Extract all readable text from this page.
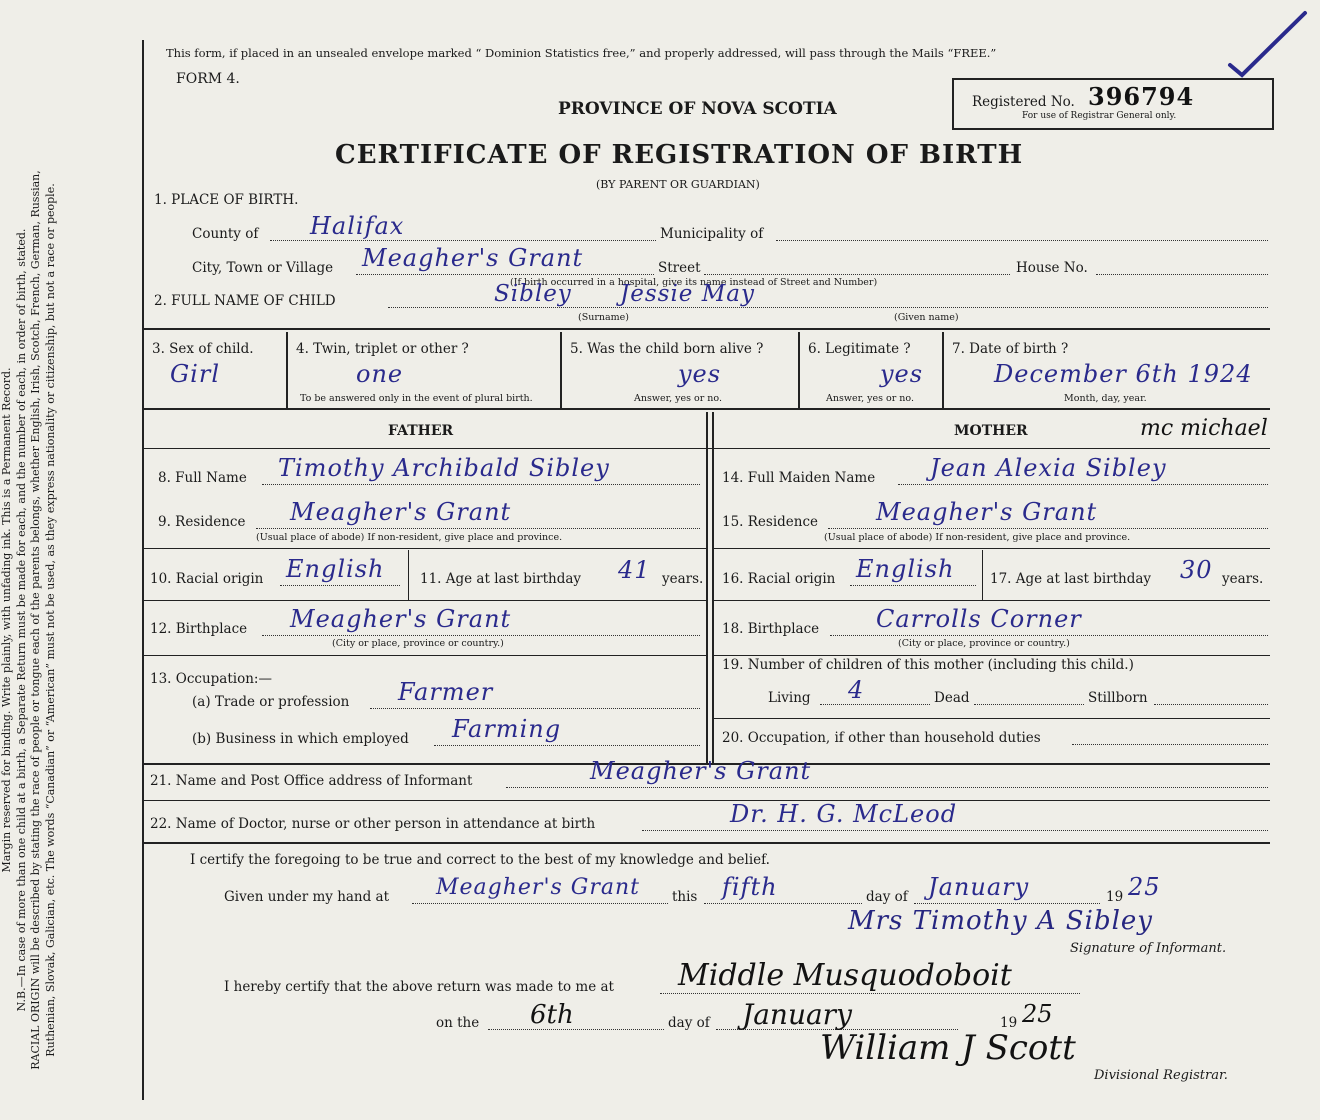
Margin reserved for binding. Write plainly, with unfading ink. This is a Permanent Record. N.B.—In case of more than one child at a birth, a Separate Return must be made for each, and the number of each, in order of birth, stated. RACIAL ORIGIN will be described by stating the race of people or tongue each of the parents belongs, whether English, Irish, Scotch, French, German, Russian, Ruthenian, Slovak, Galician, etc. The words “Canadian” or “American” must not be used, as they express nationality or citizenship, but not a race or people.
This form, if placed in an unsealed envelope marked “ Dominion Statistics free,” and properly addressed, will pass through the Mails “FREE.”
FORM 4.
PROVINCE OF NOVA SCOTIA
CERTIFICATE OF REGISTRATION OF BIRTH
(BY PARENT OR GUARDIAN)
Registered No. 396794
For use of Registrar General only.
1. PLACE OF BIRTH.
County of Halifax	Municipality of
City, Town or Village Meagher's Grant	Street	House No.
(If birth occurred in a hospital, give its name instead of Street and Number)
2. FULL NAME OF CHILD	Sibley Jessie May
(Surname)	(Given name)
3. Sex of child.
Girl
4. Twin, triplet or other ?
one
To be answered only in the event of plural birth.
5. Was the child born alive ?
yes
Answer, yes or no.
6. Legitimate ?
yes
Answer, yes or no.
7. Date of birth ?
December 6th 1924
Month, day, year.
FATHER	MOTHER	mc michael
8. Full Name Timothy Archibald Sibley
9. Residence Meagher's Grant
(Usual place of abode) If non-resident, give place and province.
10. Racial origin English	11. Age at last birthday 41 years.
12. Birthplace Meagher's Grant
(City or place, province or country.)
13. Occupation:—
(a) Trade or profession Farmer
(b) Business in which employed Farming
14. Full Maiden Name Jean Alexia Sibley
15. Residence Meagher's Grant
(Usual place of abode) If non-resident, give place and province.
16. Racial origin English	17. Age at last birthday 30 years.
18. Birthplace Carrolls Corner
(City or place, province or country.)
19. Number of children of this mother (including this child.)
Living 4	Dead	Stillborn
20. Occupation, if other than household duties
21. Name and Post Office address of Informant	Meagher's Grant
22. Name of Doctor, nurse or other person in attendance at birth	Dr. H. G. McLeod
I certify the foregoing to be true and correct to the best of my knowledge and belief.
Given under my hand at Meagher's Grant this fifth	day of January	19 25
Mrs Timothy A Sibley
Signature of Informant.
I hereby certify that the above return was made to me at Middle Musquodoboit
on the 6th	day of January	19 25
William J Scott
Divisional Registrar.
